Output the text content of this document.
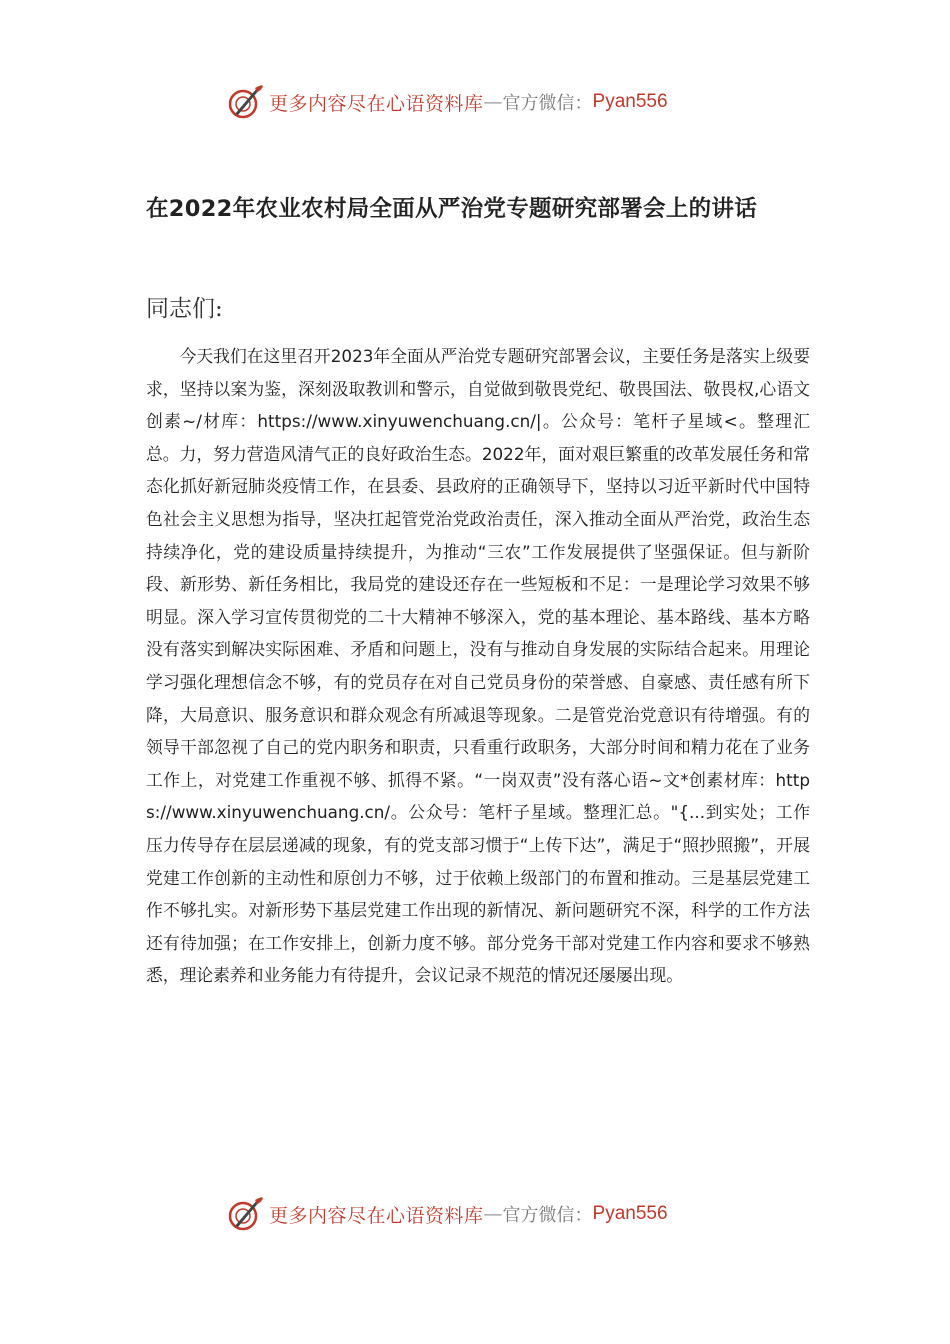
更多内容尽在心语资料库 — 官方微信： Pyan556
在2022年农业农村局全面从严治党专题研究部署会上的讲话

同志们:

今天我们在这里召开2023年全面从严治党专题研究部署会议，主要任务是落实上级要求，坚持以案为鉴，深刻汲取教训和警示，自觉做到敬畏党纪、敬畏国法、敬畏权,心语文创素~/材库：https://www.xinyuwenchuang.cn/|。公众号：笔杆子星域<。整理汇总。力，努力营造风清气正的良好政治生态。2022年，面对艰巨繁重的改革发展任务和常态化抓好新冠肺炎疫情工作，在县委、县政府的正确领导下，坚持以习近平新时代中国特色社会主义思想为指导，坚决扛起管党治党政治责任，深入推动全面从严治党，政治生态持续净化，党的建设质量持续提升，为推动“三农”工作发展提供了坚强保证。但与新阶段、新形势、新任务相比，我局党的建设还存在一些短板和不足：一是理论学习效果不够明显。深入学习宣传贯彻党的二十大精神不够深入，党的基本理论、基本路线、基本方略没有落实到解决实际困难、矛盾和问题上，没有与推动自身发展的实际结合起来。用理论学习强化理想信念不够，有的党员存在对自己党员身份的荣誉感、自豪感、责任感有所下降，大局意识、服务意识和群众观念有所减退等现象。二是管党治党意识有待增强。有的领导干部忽视了自己的党内职务和职责，只看重行政职务，大部分时间和精力花在了业务工作上，对党建工作重视不够、抓得不紧。“一岗双责”没有落心语~文*创素材库：https://www.xinyuwenchuang.cn/。公众号：笔杆子星域。整理汇总。"{...到实处；工作压力传导存在层层递减的现象，有的党支部习惯于“上传下达”，满足于“照抄照搬”，开展党建工作创新的主动性和原创力不够，过于依赖上级部门的布置和推动。三是基层党建工作不够扎实。对新形势下基层党建工作出现的新情况、新问题研究不深，科学的工作方法还有待加强；在工作安排上，创新力度不够。部分党务干部对党建工作内容和要求不够熟悉，理论素养和业务能力有待提升，会议记录不规范的情况还屡屡出现。

更多内容尽在心语资料库 — 官方微信： Pyan556
